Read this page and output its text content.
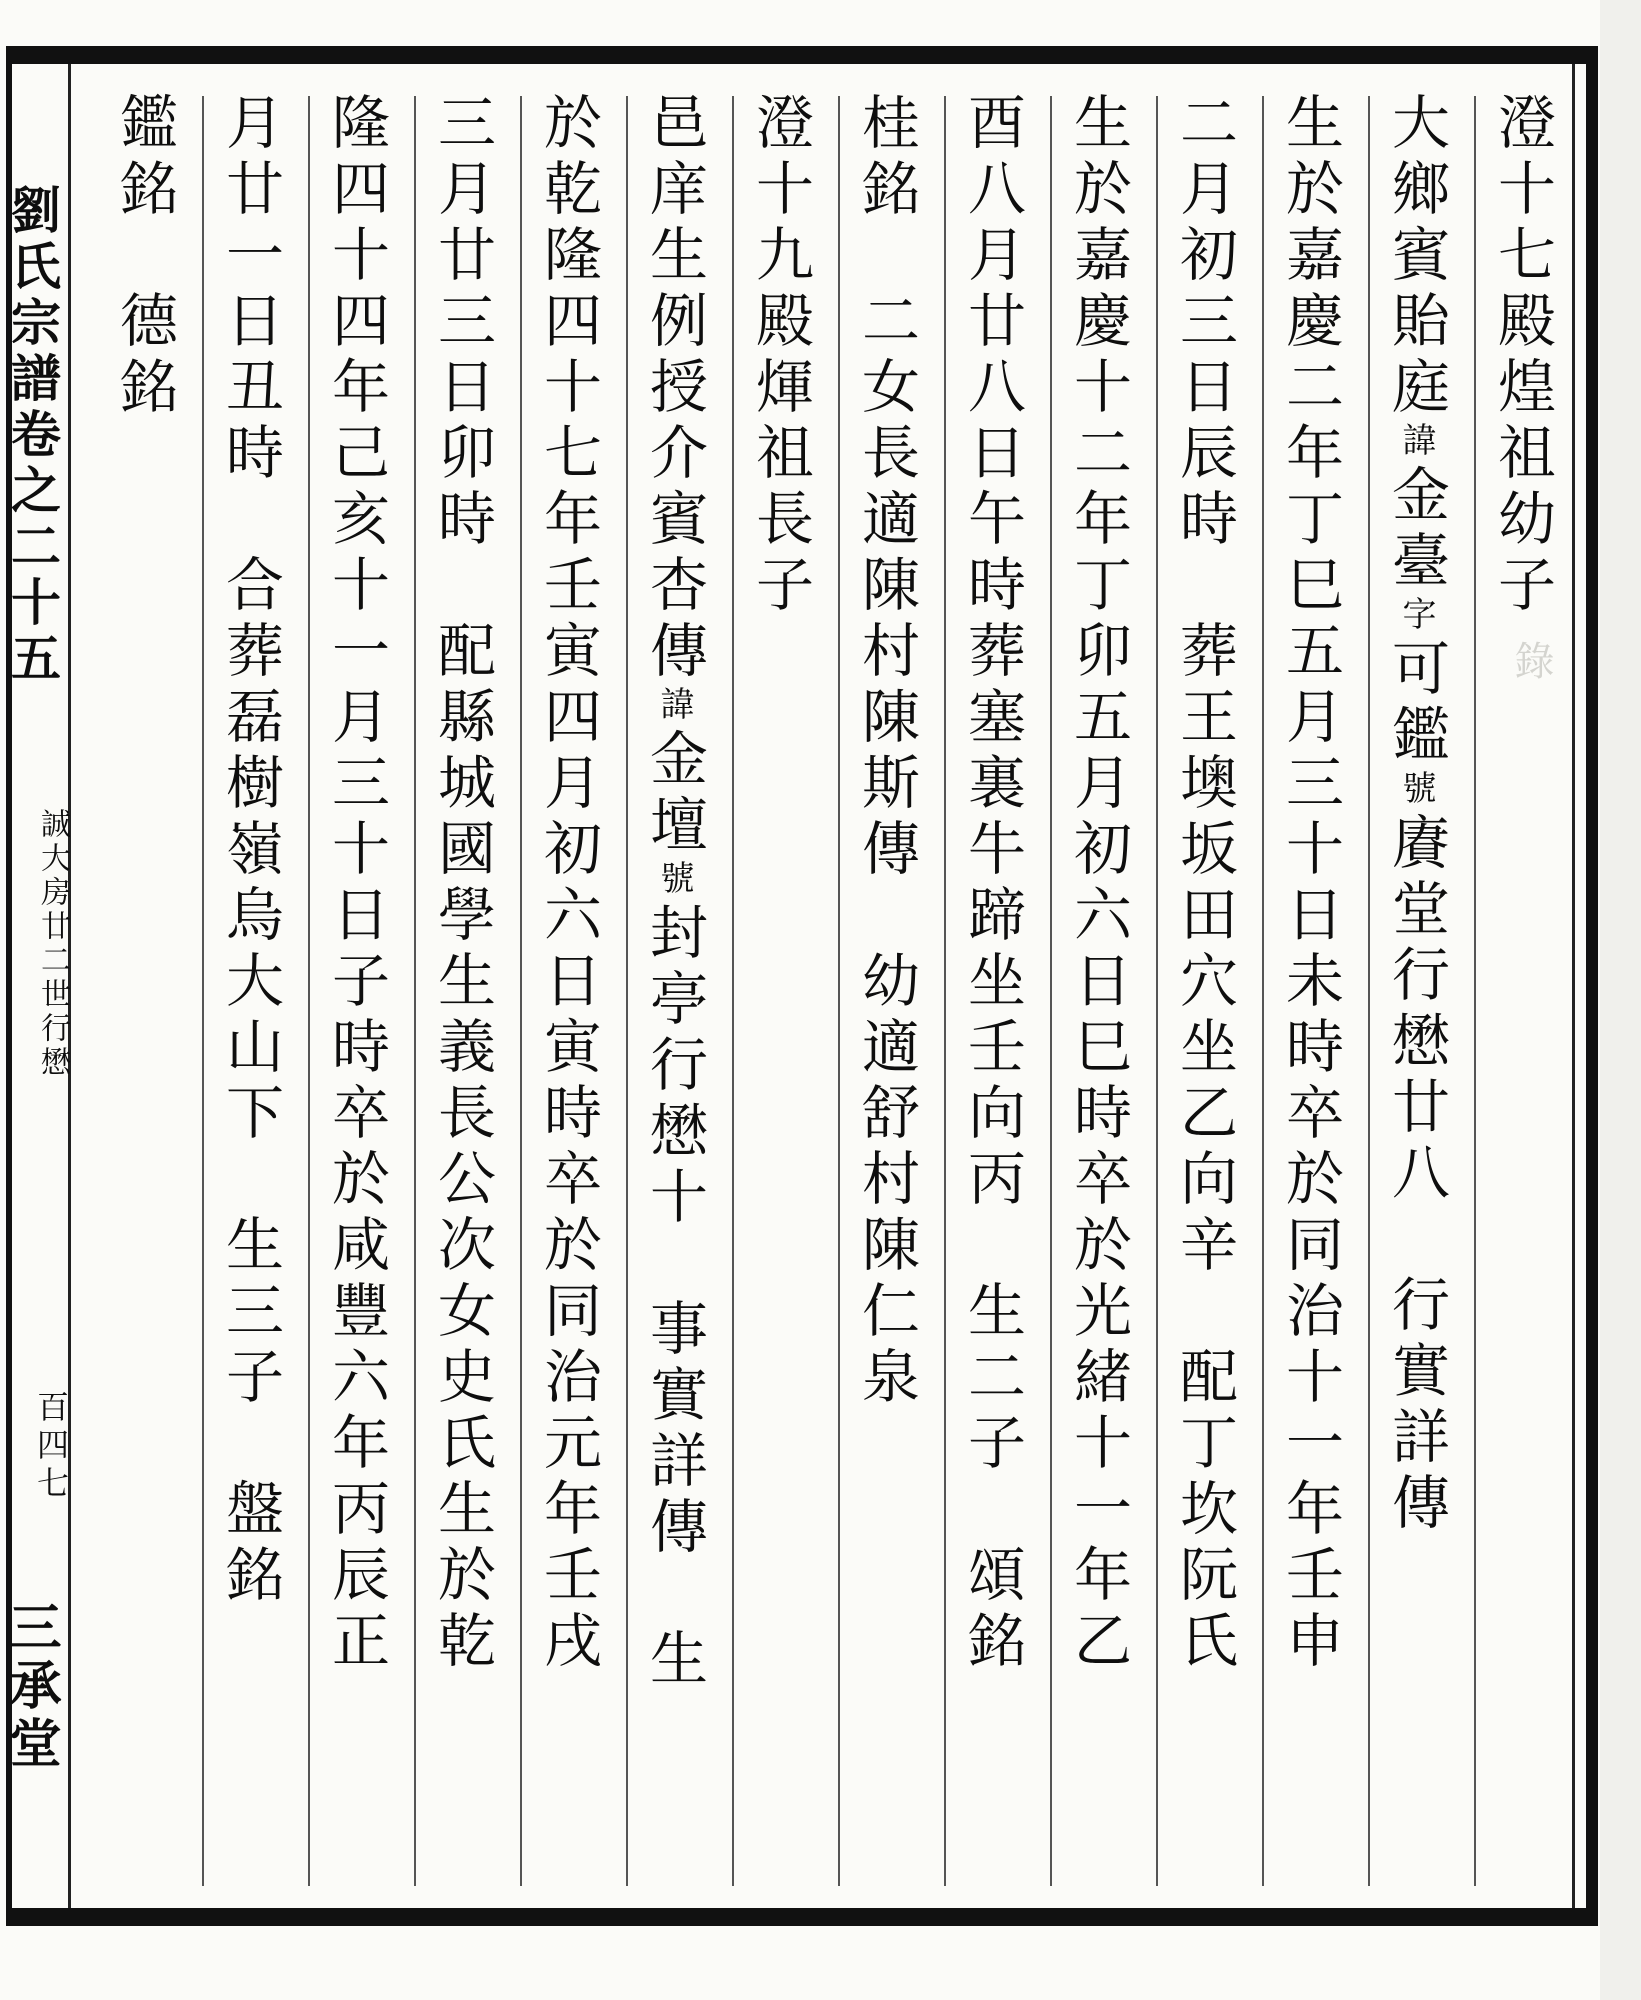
錄
劉氏宗譜卷之二十五
誠大房廿二世行懋
百四七
三承堂
澄十七殿煌祖幼子
大鄉賓貽庭諱金臺字可鑑號賡堂行懋廿八　行實詳傳
生於嘉慶二年丁巳五月三十日未時卒於同治十一年壬申
二月初三日辰時　葬王墺坂田穴坐乙向辛　配丁坎阮氏
生於嘉慶十二年丁卯五月初六日巳時卒於光緒十一年乙
酉八月廿八日午時葬塞裏牛蹄坐壬向丙　生二子　頌銘
桂銘　二女長適陳村陳斯傳　幼適舒村陳仁泉
澄十九殿煇祖長子
邑庠生例授介賓杏傳諱金壇號封亭行懋十　事實詳傳　生
於乾隆四十七年壬寅四月初六日寅時卒於同治元年壬戌
三月廿三日卯時　配縣城國學生義長公次女史氏生於乾
隆四十四年己亥十一月三十日子時卒於咸豐六年丙辰正
月廿一日丑時　合葬磊樹嶺烏大山下　生三子　盤銘
鑑銘　德銘
